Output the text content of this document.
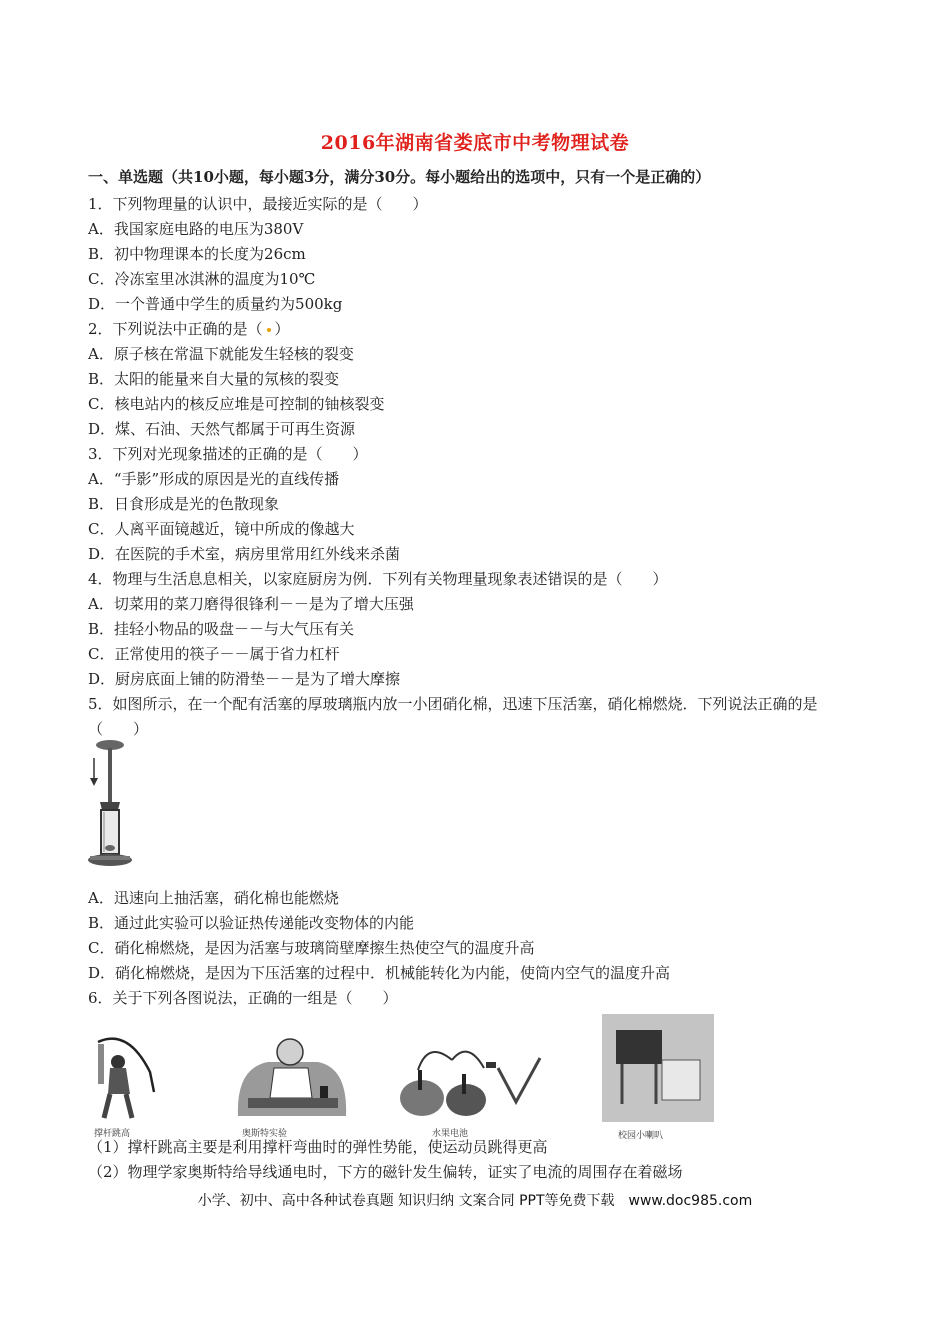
2016年湖南省娄底市中考物理试卷
一、单选题（共10小题，每小题3分，满分30分。每小题给出的选项中，只有一个是正确的）
1．下列物理量的认识中，最接近实际的是（　　）
A．我国家庭电路的电压为380V
B．初中物理课本的长度为26cm
C．冷冻室里冰淇淋的温度为10℃
D．一个普通中学生的质量约为500kg
2．下列说法中正确的是（ ）
A．原子核在常温下就能发生轻核的裂变
B．太阳的能量来自大量的氖核的裂变
C．核电站内的核反应堆是可控制的铀核裂变
D．煤、石油、天然气都属于可再生资源
3．下列对光现象描述的正确的是（　　）
A．“手影”形成的原因是光的直线传播
B．日食形成是光的色散现象
C．人离平面镜越近，镜中所成的像越大
D．在医院的手术室，病房里常用红外线来杀菌
4．物理与生活息息相关，以家庭厨房为例．下列有关物理量现象表述错误的是（　　）
A．切菜用的菜刀磨得很锋利－－是为了增大压强
B．挂轻小物品的吸盘－－与大气压有关
C．正常使用的筷子－－属于省力杠杆
D．厨房底面上铺的防滑垫－－是为了增大摩擦
5．如图所示，在一个配有活塞的厚玻璃瓶内放一小团硝化棉，迅速下压活塞，硝化棉燃烧．下列说法正确的是（　　）
A．迅速向上抽活塞，硝化棉也能燃烧
B．通过此实验可以验证热传递能改变物体的内能
C．硝化棉燃烧，是因为活塞与玻璃筒壁摩擦生热使空气的温度升高
D．硝化棉燃烧，是因为下压活塞的过程中．机械能转化为内能，使筒内空气的温度升高
6．关于下列各图说法，正确的一组是（　　）
撑杆跳高	奥斯特实验	水果电池	校园小喇叭
（1）撑杆跳高主要是利用撑杆弯曲时的弹性势能，使运动员跳得更高
（2）物理学家奥斯特给导线通电时，下方的磁针发生偏转，证实了电流的周围存在着磁场
小学、初中、高中各种试卷真题 知识归纳 文案合同 PPT等免费下载　www.doc985.com
